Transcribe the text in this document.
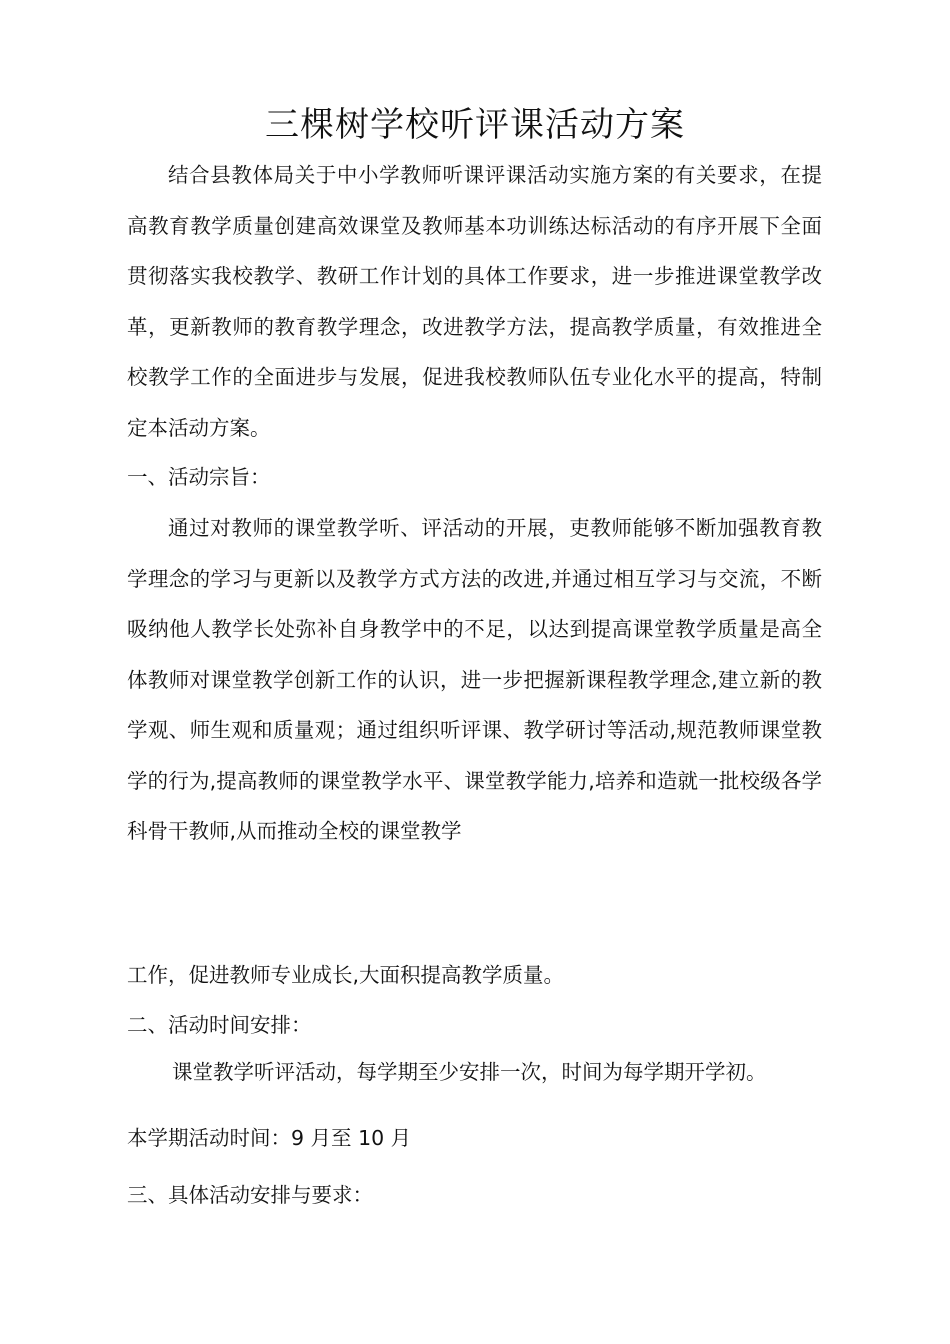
三棵树学校听评课活动方案

结合县教体局关于中小学教师听课评课活动实施方案的有关要求，在提高教育教学质量创建高效课堂及教师基本功训练达标活动的有序开展下全面贯彻落实我校教学、教研工作计划的具体工作要求，进一步推进课堂教学改革，更新教师的教育教学理念，改进教学方法，提高教学质量，有效推进全校教学工作的全面进步与发展，促进我校教师队伍专业化水平的提高，特制定本活动方案。

一、活动宗旨：

通过对教师的课堂教学听、评活动的开展，吏教师能够不断加强教育教学理念的学习与更新以及教学方式方法的改进,并通过相互学习与交流，不断吸纳他人教学长处弥补自身教学中的不足，以达到提高课堂教学质量是高全体教师对课堂教学创新工作的认识，进一步把握新课程教学理念,建立新的教学观、师生观和质量观；通过组织听评课、教学研讨等活动,规范教师课堂教学的行为,提高教师的课堂教学水平、课堂教学能力,培养和造就一批校级各学科骨干教师,从而推动全校的课堂教学

工作，促进教师专业成长,大面积提高教学质量。

二、活动时间安排：

课堂教学听评活动，每学期至少安排一次，时间为每学期开学初。

本学期活动时间：9 月至 10 月

三、具体活动安排与要求：
